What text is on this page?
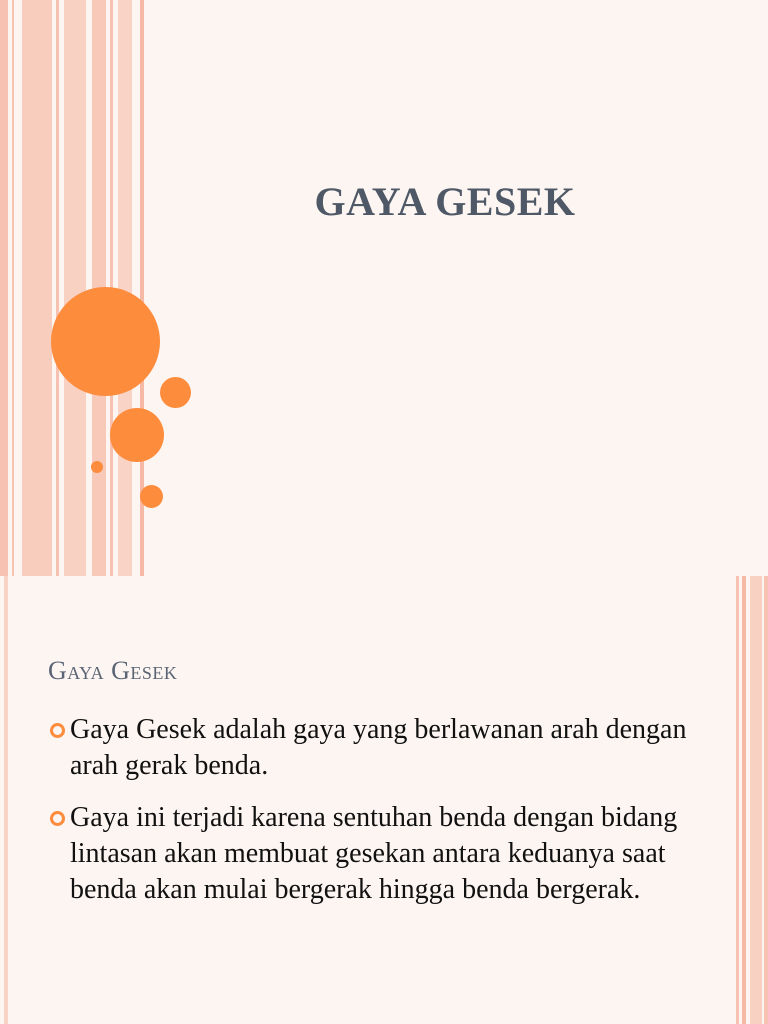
GAYA GESEK
Gaya Gesek
Gaya Gesek adalah gaya yang berlawanan arah dengan arah gerak benda.
Gaya ini terjadi karena sentuhan benda dengan bidang lintasan akan membuat gesekan antara keduanya saat benda akan mulai bergerak hingga benda bergerak.
